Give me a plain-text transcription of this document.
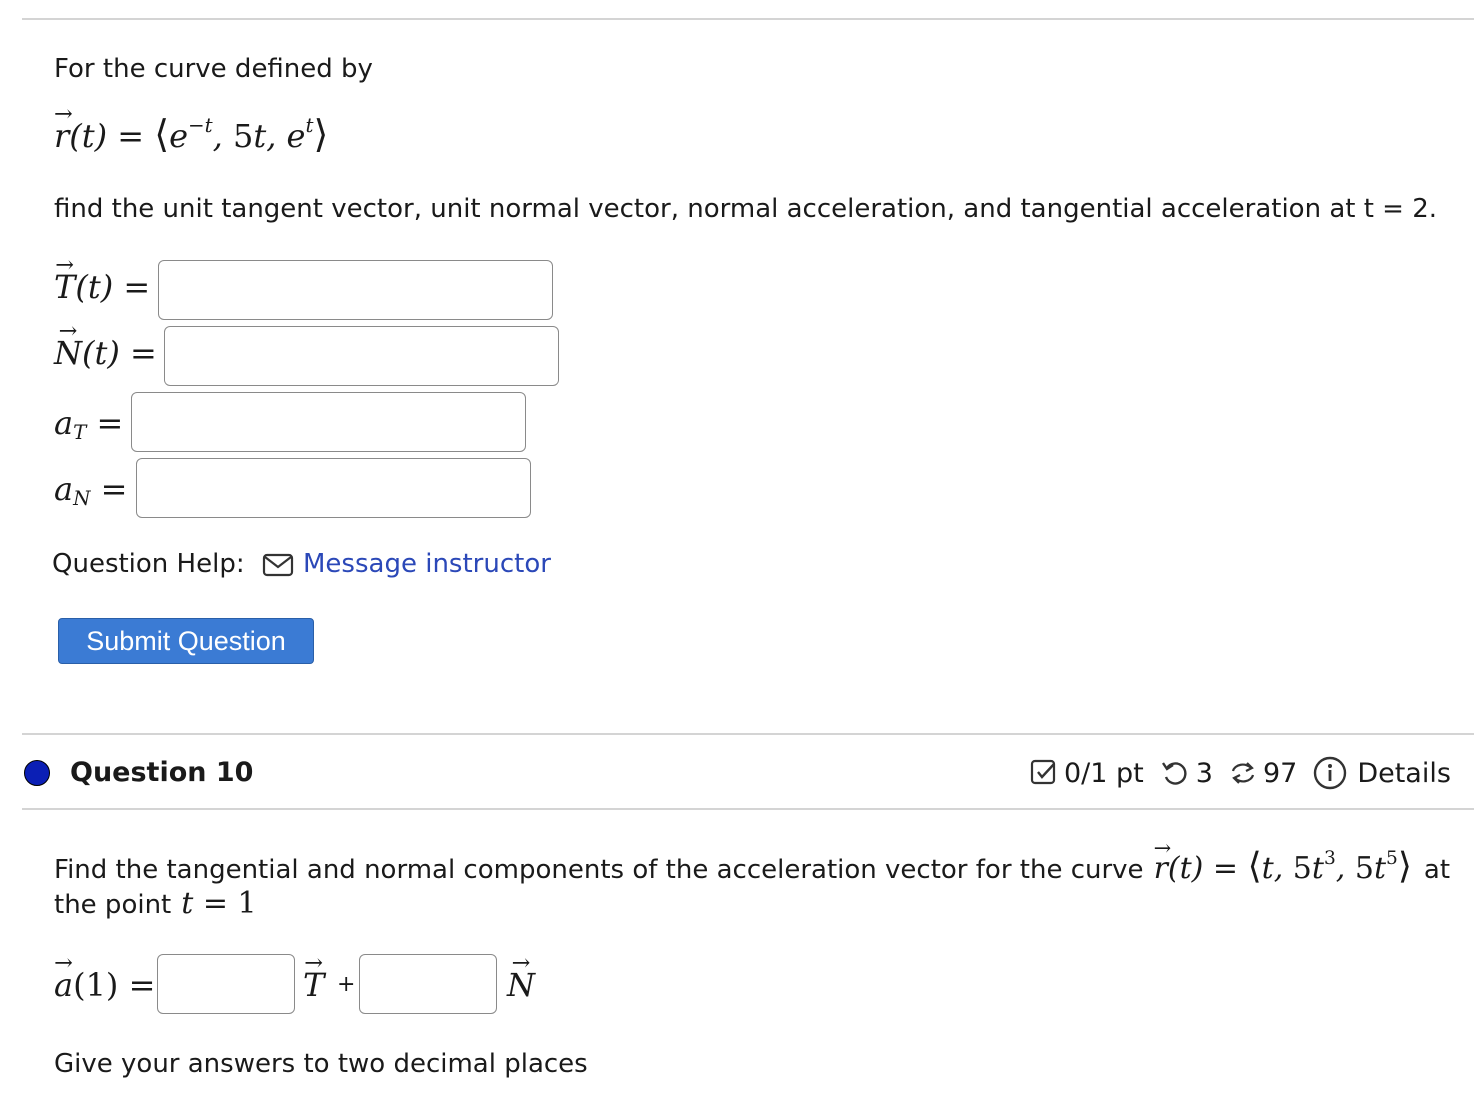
For the curve defined by
→ $r(t) = ⟨e^{-t}$, 5t, $e^t⟩$
find the unit tangent vector, unit normal vector, normal acceleration, and tangential acceleration at t = 2.
→ T(t) =
→ N(t) =
$a_T$ =
$a_N$ =
Question Help: Message instructor
Submit Question
Question 10	0/1 pt 3 97 Details
Find the tangential and normal components of the acceleration vector for the curve → r(t) = ⟨t, $5t^3$, $5t^5⟩$ at
the point t = 1
→ a(1) =	→ T +	→ N
Give your answers to two decimal places
